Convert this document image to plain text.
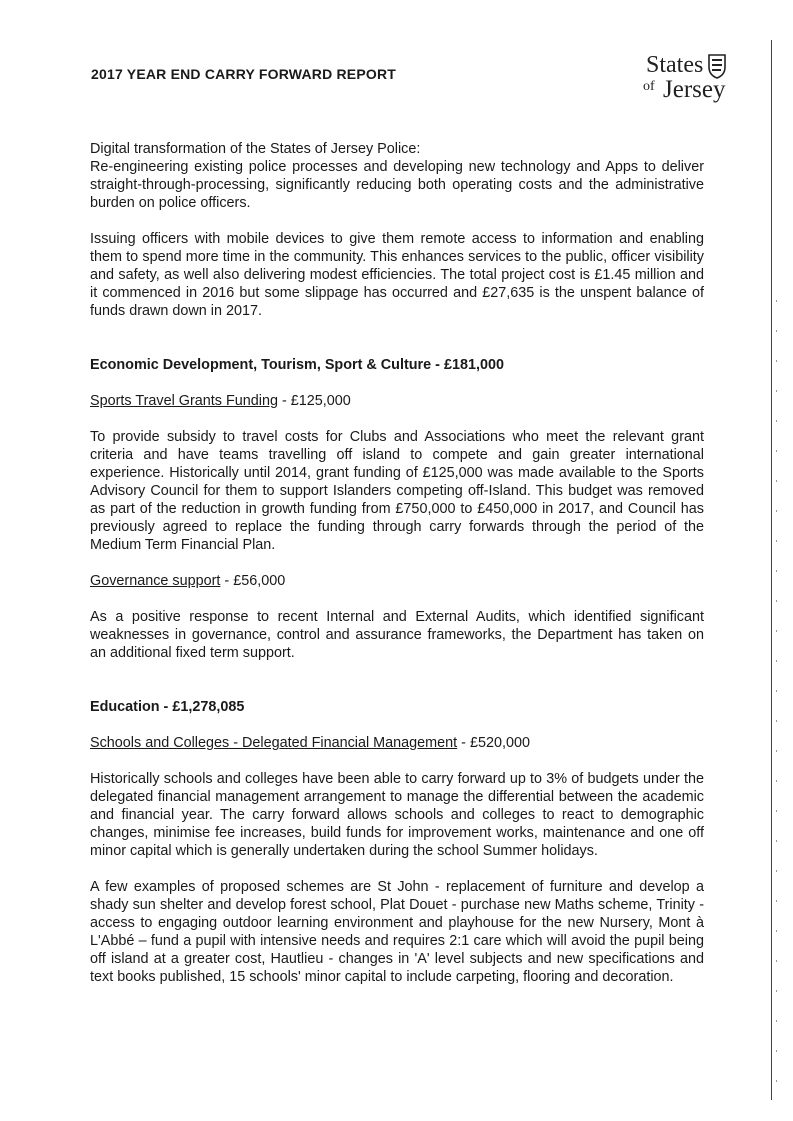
2017 YEAR END CARRY FORWARD REPORT	States
of Jersey

Digital transformation of the States of Jersey Police:

Re-engineering existing police processes and developing new technology and Apps to deliver straight-through-processing, significantly reducing both operating costs and the administrative burden on police officers.

Issuing officers with mobile devices to give them remote access to information and enabling them to spend more time in the community. This enhances services to the public, officer visibility and safety, as well also delivering modest efficiencies. The total project cost is £1.45 million and it commenced in 2016 but some slippage has occurred and £27,635 is the unspent balance of funds drawn down in 2017.

Economic Development, Tourism, Sport & Culture - £181,000

Sports Travel Grants Funding - £125,000

To provide subsidy to travel costs for Clubs and Associations who meet the relevant grant criteria and have teams travelling off island to compete and gain greater international experience. Historically until 2014, grant funding of £125,000 was made available to the Sports Advisory Council for them to support Islanders competing off-Island. This budget was removed as part of the reduction in growth funding from £750,000 to £450,000 in 2017, and Council has previously agreed to replace the funding through carry forwards through the period of the Medium Term Financial Plan.

Governance support - £56,000

As a positive response to recent Internal and External Audits, which identified significant weaknesses in governance, control and assurance frameworks, the Department has taken on an additional fixed term support.

Education - £1,278,085

Schools and Colleges - Delegated Financial Management - £520,000

Historically schools and colleges have been able to carry forward up to 3% of budgets under the delegated financial management arrangement to manage the differential between the academic and financial year. The carry forward allows schools and colleges to react to demographic changes, minimise fee increases, build funds for improvement works, maintenance and one off minor capital which is generally undertaken during the school Summer holidays.

A few examples of proposed schemes are St John - replacement of furniture and develop a shady sun shelter and develop forest school, Plat Douet - purchase new Maths scheme, Trinity - access to engaging outdoor learning environment and playhouse for the new Nursery, Mont à L'Abbé – fund a pupil with intensive needs and requires 2:1 care which will avoid the pupil being off island at a greater cost, Hautlieu - changes in 'A' level subjects and new specifications and text books published, 15 schools' minor capital to include carpeting, flooring and decoration.
